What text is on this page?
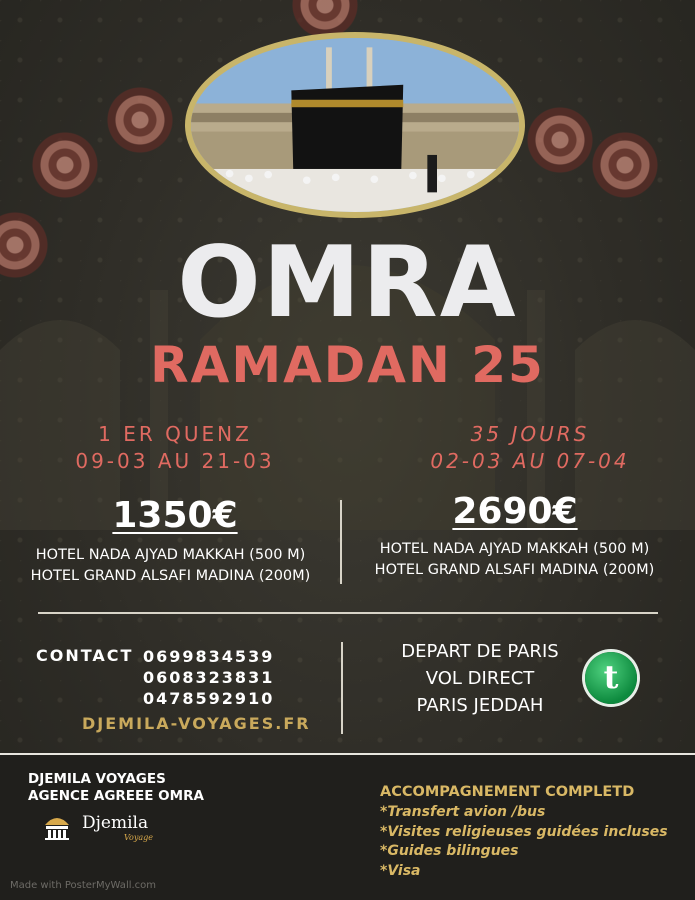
OMRA
RAMADAN 25
1 ER QUENZ
09-03 AU 21-03
35 JOURS
02-03 AU 07-04
1350€	2690€
HOTEL NADA AJYAD MAKKAH (500 M)
HOTEL GRAND ALSAFI MADINA (200M)
HOTEL NADA AJYAD MAKKAH (500 M)
HOTEL GRAND ALSAFI MADINA (200M)
CONTACT 0699834539
0608323831
0478592910
DJEMILA-VOYAGES.FR
DEPART DE PARIS
VOL DIRECT
PARIS JEDDAH
t
DJEMILA VOYAGES
AGENCE AGREEE OMRA
Djemila
Voyage
Made with PosterMyWall.com
ACCOMPAGNEMENT COMPLETD
*Transfert avion /bus
*Visites religieuses guidées incluses
*Guides bilingues
*Visa
